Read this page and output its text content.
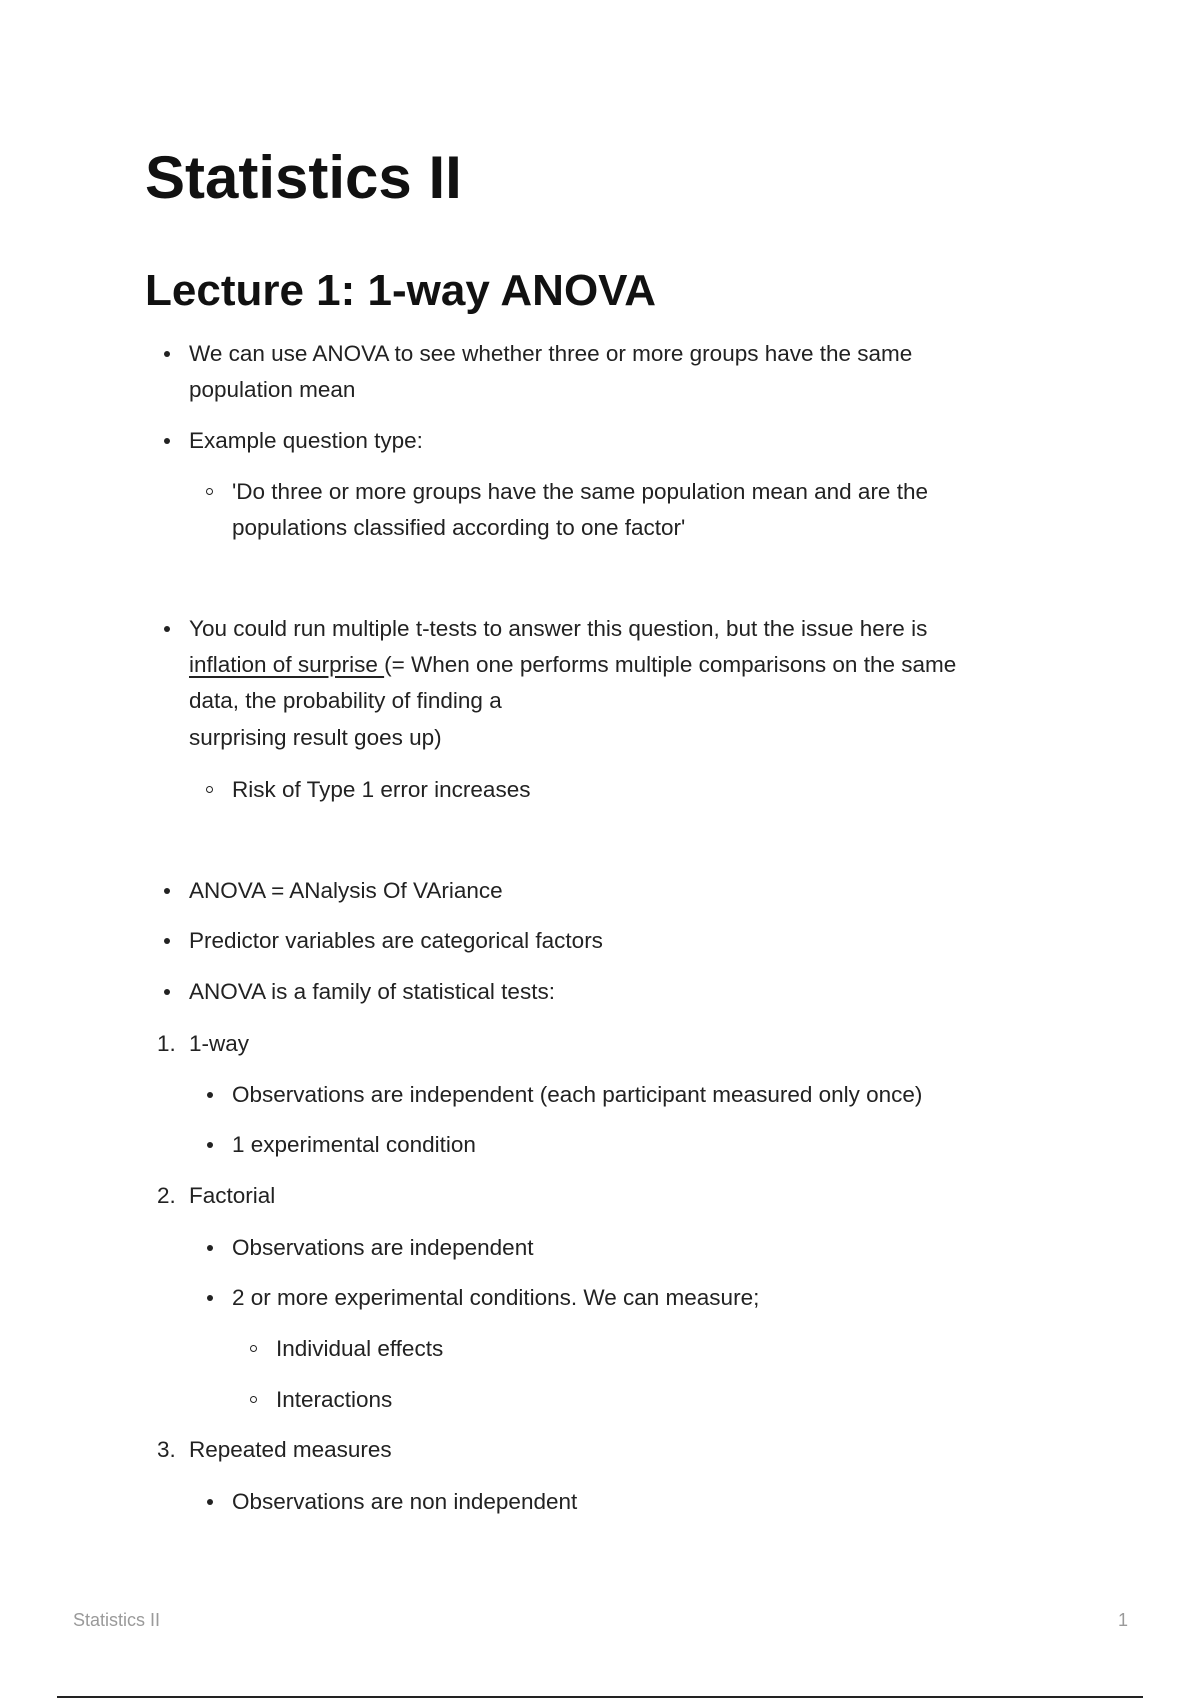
Statistics II
Lecture 1: 1-way ANOVA
We can use ANOVA to see whether three or more groups have the same
population mean
Example question type:
'Do three or more groups have the same population mean and are the
populations classified according to one factor'
You could run multiple t-tests to answer this question, but the issue here is
inflation of surprise (= When one performs multiple comparisons on the same
data, the probability of finding a
surprising result goes up)
Risk of Type 1 error increases
ANOVA = ANalysis Of VAriance
Predictor variables are categorical factors
ANOVA is a family of statistical tests:
1. 1-way
Observations are independent (each participant measured only once)
1 experimental condition
2. Factorial
Observations are independent
2 or more experimental conditions. We can measure;
Individual effects
Interactions
3. Repeated measures
Observations are non independent
Statistics II	1
